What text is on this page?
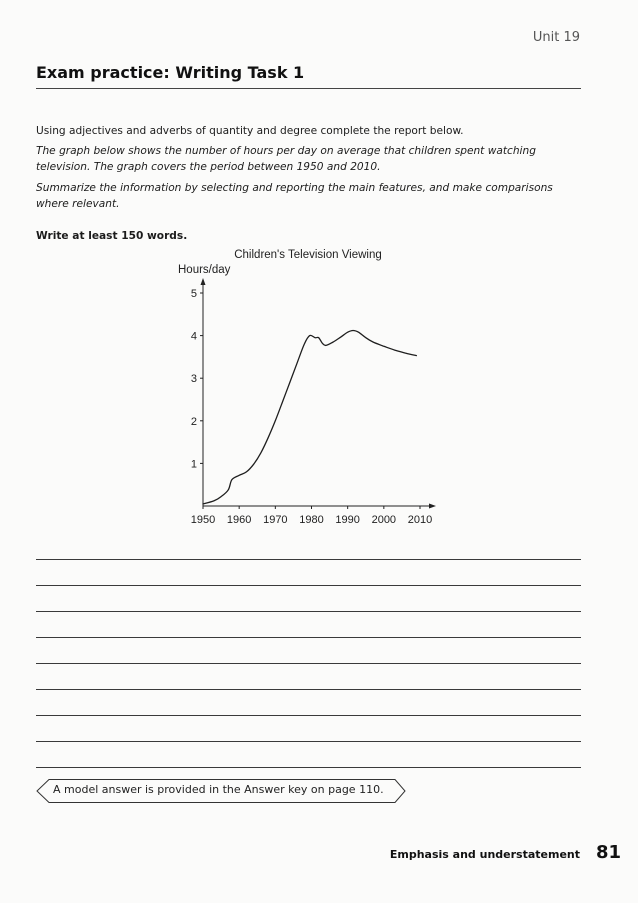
Unit 19
Exam practice: Writing Task 1

Using adjectives and adverbs of quantity and degree complete the report below.

The graph below shows the number of hours per day on average that children spent watching television. The graph covers the period between 1950 and 2010.

Summarize the information by selecting and reporting the main features, and make comparisons where relevant.

Write at least 150 words.

Children's Television Viewing
Hours/day
1
2
3
4
5
1950 1960 1970 1980 1990 2000 2010
A model answer is provided in the Answer key on page 110.
Emphasis and understatement 81
